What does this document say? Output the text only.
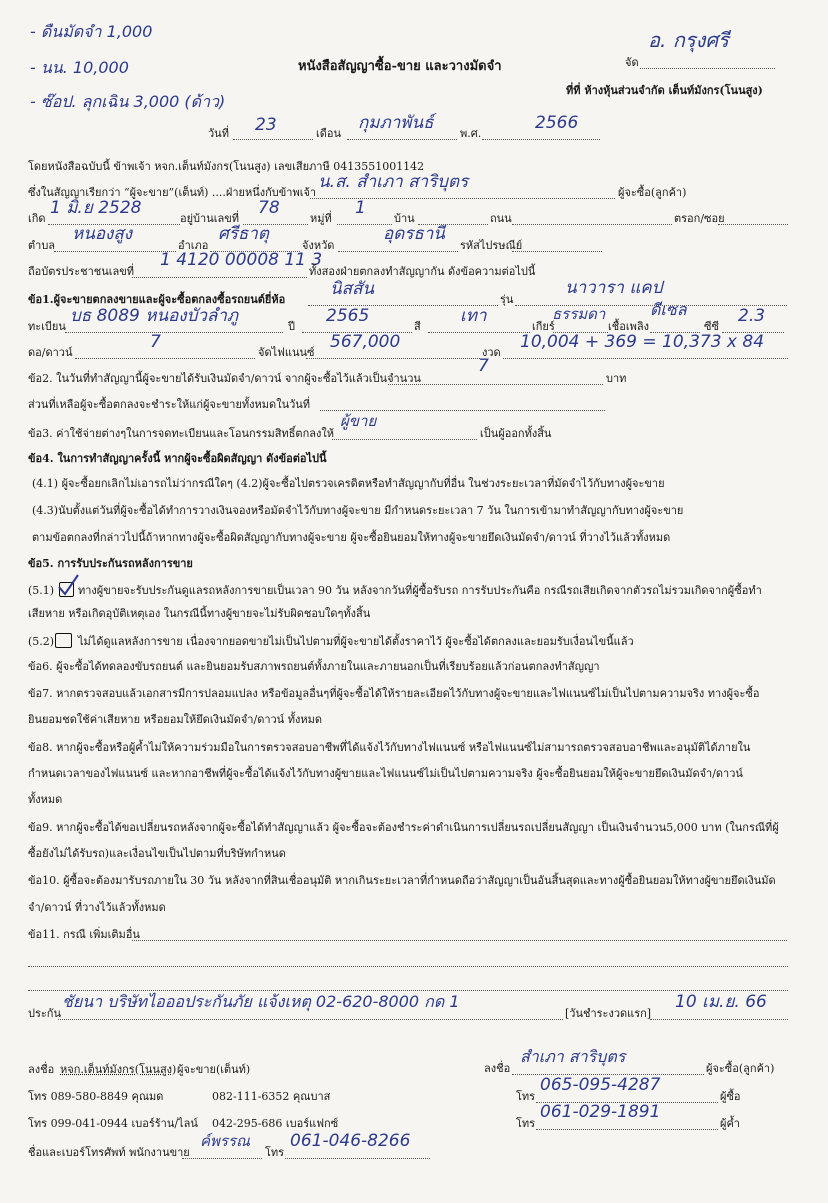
- ดืนมัดจำ 1,000
- นน. 10,000
- ซ๊อป. ลุกเฉิน 3,000 (ด้าว)
หนังสือสัญญาซื้อ-ขาย และวางมัดจำ	จัด
อ. กรุงศรี
ที่ที่ ห้างหุ้นส่วนจำกัด เต็นท์มังกร(โนนสูง)
วันที่ 23	เดือน
กุมภาพันธ์
พ.ศ.
2566
โดยหนังสือฉบับนี้ ข้าพเจ้า หจก.เต็นท์มังกร(โนนสูง) เลขเสียภาษี 0413551001142
ซึ่งในสัญญาเรียกว่า “ผู้จะขาย”(เต็นท์) ....ฝ่ายหนึ่งกับข้าพเจ้า
น.ส. สำเภา สาริบุตร
ผู้จะซื้อ(ลูกค้า)
เกิด
1 มิ.ย 2528
อยู่บ้านเลขที่
78
หมู่ที่
1
บ้าน	ถนน	ตรอก/ซอย
ตำบล
หนองสูง
อำเภอ
ศรีธาตุ
จังหวัด
อุดรธานี
รหัสไปรษณีย์
ถือบัตรประชาชนเลขที่
1 4120 00008 11 3
ทั้งสองฝ่ายตกลงทำสัญญากัน ดังข้อความต่อไปนี้
ข้อ1.ผู้จะขายตกลงขายและผู้จะซื้อตกลงซื้อรถยนต์ยี่ห้อ
นิสสัน
รุ่น
นาวารา แคป
ทะเบียน
บธ 8089 หนองบัวลำภู
ปี
2565
สี
เทา
เกียร์
ธรรมดา
เชื้อเพลิง
ดีเซล
ซีซี
2.3
ดอ/ดาวน์
7
จัดไฟแนนซ์
567,000
งวด
10,004 + 369 = 10,373 x 84
ข้อ2. ในวันที่ทำสัญญานี้ผู้จะขายได้รับเงินมัดจำ/ดาวน์ จากผู้จะซื้อไว้แล้วเป็นจำนวน
7
บาท
ส่วนที่เหลือผู้จะซื้อตกลงจะชำระให้แก่ผู้จะขายทั้งหมดในวันที่
ข้อ3. ค่าใช้จ่ายต่างๆในการจดทะเบียนและโอนกรรมสิทธิ์ตกลงให้
ผู้ขาย
เป็นผู้ออกทั้งสิ้น
ข้อ4. ในการทำสัญญาครั้งนี้ หากผู้จะซื้อผิดสัญญา ดังข้อต่อไปนี้
(4.1) ผู้จะซื้อยกเลิกไม่เอารถไม่ว่ากรณีใดๆ (4.2)ผู้จะซื้อไปตรวจเครดิตหรือทำสัญญากับที่อื่น ในช่วงระยะเวลาที่มัดจำไว้กับทางผู้จะขาย
(4.3)นับตั้งแต่วันที่ผู้จะซื้อได้ทำการวางเงินจองหรือมัดจำไว้กับทางผู้จะขาย มีกำหนดระยะเวลา 7 วัน ในการเข้ามาทำสัญญากับทางผู้จะขาย
ตามข้อตกลงที่กล่าวไปนี้ถ้าหากทางผู้จะซื้อผิดสัญญากับทางผู้จะขาย ผู้จะซื้อยินยอมให้ทางผู้จะขายยึดเงินมัดจำ/ดาวน์ ที่วางไว้แล้วทั้งหมด
ข้อ5. การรับประกันรถหลังการขาย
(5.1) ทางผู้ขายจะรับประกันดูแลรถหลังการขายเป็นเวลา 90 วัน หลังจากวันที่ผู้ซื้อรับรถ การรับประกันคือ กรณีรถเสียเกิดจากตัวรถไม่รวมเกิดจากผู้ซื้อทำ
เสียหาย หรือเกิดอุบัติเหตุเอง ในกรณีนี้ทางผู้ขายจะไม่รับผิดชอบใดๆทั้งสิ้น
(5.2) ไม่ได้ดูแลหลังการขาย เนื่องจากยอดขายไม่เป็นไปตามที่ผู้จะขายได้ตั้งราคาไว้ ผู้จะซื้อได้ตกลงและยอมรับเงื่อนไขนี้แล้ว
ข้อ6. ผู้จะซื้อได้ทดลองขับรถยนต์ และยินยอมรับสภาพรถยนต์ทั้งภายในและภายนอกเป็นที่เรียบร้อยแล้วก่อนตกลงทำสัญญา
ข้อ7. หากตรวจสอบแล้วเอกสารมีการปลอมแปลง หรือข้อมูลอื่นๆที่ผู้จะซื้อได้ให้รายละเอียดไว้กับทางผู้จะขายและไฟแนนซ์ไม่เป็นไปตามความจริง ทางผู้จะซื้อ
ยินยอมชดใช้ค่าเสียหาย หรือยอมให้ยึดเงินมัดจำ/ดาวน์ ทั้งหมด
ข้อ8. หากผู้จะซื้อหรือผู้ค้ำไม่ให้ความร่วมมือในการตรวจสอบอาชีพที่ได้แจ้งไว้กับทางไฟแนนซ์ หรือไฟแนนซ์ไม่สามารถตรวจสอบอาชีพและอนุมัติได้ภายใน
กำหนดเวลาของไฟแนนซ์ และหากอาชีพที่ผู้จะซื้อได้แจ้งไว้กับทางผู้ขายและไฟแนนซ์ไม่เป็นไปตามความจริง ผู้จะซื้อยินยอมให้ผู้จะขายยึดเงินมัดจำ/ดาวน์
ทั้งหมด
ข้อ9. หากผู้จะซื้อได้ขอเปลี่ยนรถหลังจากผู้จะซื้อได้ทำสัญญาแล้ว ผู้จะซื้อจะต้องชำระค่าดำเนินการเปลี่ยนรถเปลี่ยนสัญญา เป็นเงินจำนวน5,000 บาท (ในกรณีที่ผู้
ซื้อยังไม่ได้รับรถ)และเงื่อนไขเป็นไปตามที่บริษัทกำหนด
ข้อ10. ผู้ซื้อจะต้องมารับรถภายใน 30 วัน หลังจากที่สินเชื่ออนุมัติ หากเกินระยะเวลาที่กำหนดถือว่าสัญญาเป็นอันสิ้นสุดและทางผู้ซื้อยินยอมให้ทางผู้ขายยึดเงินมัด
จำ/ดาวน์ ที่วางไว้แล้วทั้งหมด
ข้อ11. กรณี เพิ่มเติมอื่น
ประกัน
ชัยนา บริษัทไอออประกันภัย แจ้งเหตุ 02-620-8000 กด 1
[วันชำระงวดแรก]
10 เม.ย. 66
ลงชื่อ หจก.เต็นท์มังกร(โนนสูง) ผู้จะขาย(เต็นท์)
โทร 089-580-8849 คุณมด	082-111-6352 คุณบาส
โทร 099-041-0944 เบอร์ร้าน/ไลน์ 042-295-686 เบอร์แฟกซ์
ชื่อและเบอร์โทรศัพท์ พนักงานขาย
ค์พรรณ
โทร
061-046-8266
ลงชื่อ
สำเภา สาริบุตร
ผู้จะซื้อ(ลูกค้า)
โทร
065-095-4287
ผู้ซื้อ
โทร
061-029-1891
ผู้ค้ำ
